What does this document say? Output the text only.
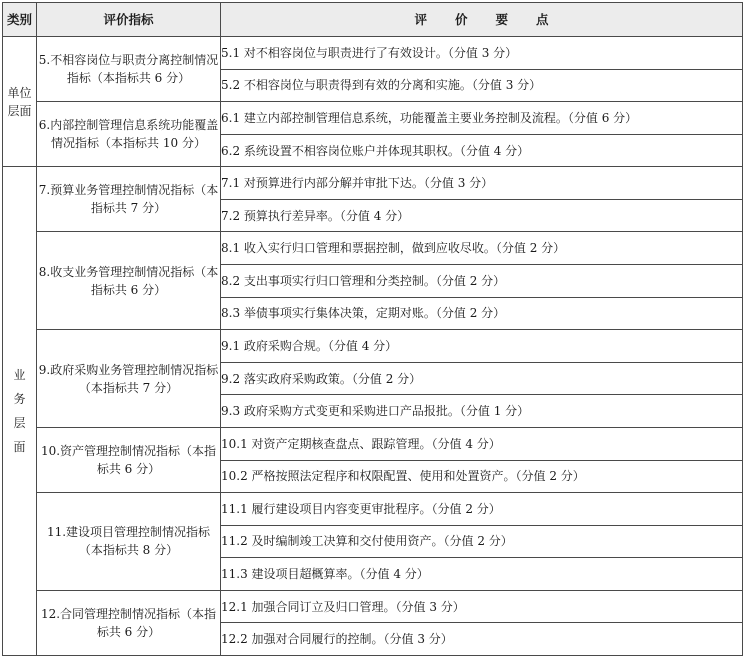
类别	评价指标	评价要点
单位层面	5.不相容岗位与职责分离控制情况指标（本指标共 6 分）	5.1 对不相容岗位与职责进行了有效设计。（分值 3 分）
		5.2 不相容岗位与职责得到有效的分离和实施。（分值 3 分）
	6.内部控制管理信息系统功能覆盖情况指标（本指标共 10 分）	6.1 建立内部控制管理信息系统，功能覆盖主要业务控制及流程。（分值 6 分）
		6.2 系统设置不相容岗位账户并体现其职权。（分值 4 分）
业务层面	7.预算业务管理控制情况指标（本指标共 7 分）	7.1 对预算进行内部分解并审批下达。（分值 3 分）
		7.2 预算执行差异率。（分值 4 分）
	8.收支业务管理控制情况指标（本指标共 6 分）	8.1 收入实行归口管理和票据控制，做到应收尽收。（分值 2 分）
		8.2 支出事项实行归口管理和分类控制。（分值 2 分）
		8.3 举债事项实行集体决策，定期对账。（分值 2 分）
	9.政府采购业务管理控制情况指标（本指标共 7 分）	9.1 政府采购合规。（分值 4 分）
		9.2 落实政府采购政策。（分值 2 分）
		9.3 政府采购方式变更和采购进口产品报批。（分值 1 分）
	10.资产管理控制情况指标（本指标共 6 分）	10.1 对资产定期核查盘点、跟踪管理。（分值 4 分）
		10.2 严格按照法定程序和权限配置、使用和处置资产。（分值 2 分）
	11.建设项目管理控制情况指标（本指标共 8 分）	11.1 履行建设项目内容变更审批程序。（分值 2 分）
		11.2 及时编制竣工决算和交付使用资产。（分值 2 分）
		11.3 建设项目超概算率。（分值 4 分）
	12.合同管理控制情况指标（本指标共 6 分）	12.1 加强合同订立及归口管理。（分值 3 分）
		12.2 加强对合同履行的控制。（分值 3 分）
